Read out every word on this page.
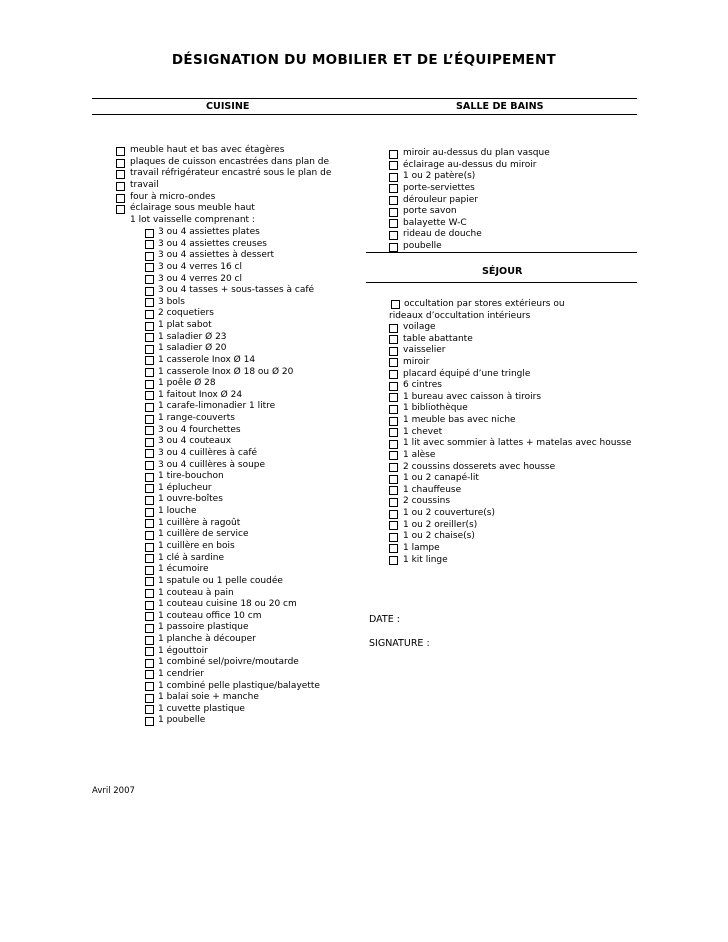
DÉSIGNATION DU MOBILIER ET DE L’ÉQUIPEMENT
CUISINE	SALLE DE BAINS
meuble haut et bas avec étagères
plaques de cuisson encastrées dans plan de
travail réfrigérateur encastré sous le plan de
travail
four à micro-ondes
éclairage sous meuble haut
1 lot vaisselle comprenant :
3 ou 4 assiettes plates
3 ou 4 assiettes creuses
3 ou 4 assiettes à dessert
3 ou 4 verres 16 cl
3 ou 4 verres 20 cl
3 ou 4 tasses + sous-tasses à café
3 bols
2 coquetiers
1 plat sabot
1 saladier Ø 23
1 saladier Ø 20
1 casserole Inox Ø 14
1 casserole Inox Ø 18 ou Ø 20
1 poêle Ø 28
1 faitout Inox Ø 24
1 carafe-limonadier 1 litre
1 range-couverts
3 ou 4 fourchettes
3 ou 4 couteaux
3 ou 4 cuillères à café
3 ou 4 cuillères à soupe
1 tire-bouchon
1 éplucheur
1 ouvre-boîtes
1 louche
1 cuillère à ragoût
1 cuillère de service
1 cuillère en bois
1 clé à sardine
1 écumoire
1 spatule ou 1 pelle coudée
1 couteau à pain
1 couteau cuisine 18 ou 20 cm
1 couteau office 10 cm
1 passoire plastique
1 planche à découper
1 égouttoir
1 combiné sel/poivre/moutarde
1 cendrier
1 combiné pelle plastique/balayette
1 balai soie + manche
1 cuvette plastique
1 poubelle
miroir au-dessus du plan vasque
éclairage au-dessus du miroir
1 ou 2 patère(s)
porte-serviettes
dérouleur papier
porte savon
balayette W-C
rideau de douche
poubelle
SÉJOUR
occultation par stores extérieurs ou
rideaux d’occultation intérieurs
voilage
table abattante
vaisselier
miroir
placard équipé d’une tringle
6 cintres
1 bureau avec caisson à tiroirs
1 bibliothèque
1 meuble bas avec niche
1 chevet
1 lit avec sommier à lattes + matelas avec housse
1 alèse
2 coussins dosserets avec housse
1 ou 2 canapé-lit
1 chauffeuse
2 coussins
1 ou 2 couverture(s)
1 ou 2 oreiller(s)
1 ou 2 chaise(s)
1 lampe
1 kit linge
DATE :
SIGNATURE :
Avril 2007
